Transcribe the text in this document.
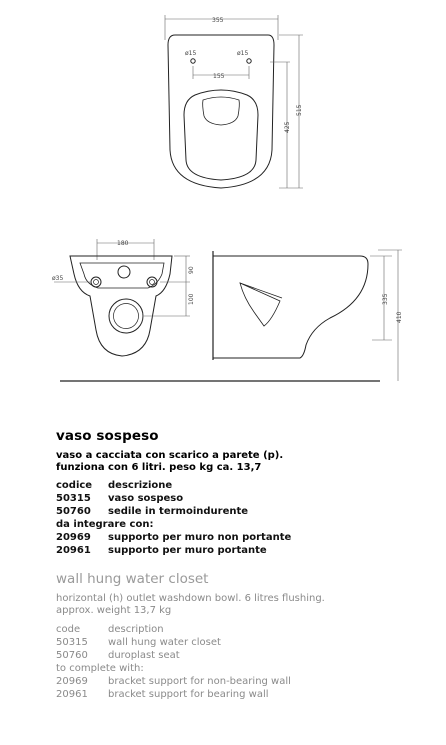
355
ø15	ø15
155
425
515
180
ø35
90
100	335
410
vaso sospeso
vaso a cacciata con scarico a parete (p).
funziona con 6 litri. peso kg ca. 13,7
codice descrizione
50315 vaso sospeso
50760 sedile in termoindurente
da integrare con:
20969 supporto per muro non portante
20961 supporto per muro portante
wall hung water closet
horizontal (h) outlet washdown bowl. 6 litres flushing.
approx. weight 13,7 kg
code	description
50315 wall hung water closet
50760 duroplast seat
to complete with:
20969 bracket support for non-bearing wall
20961 bracket support for bearing wall
